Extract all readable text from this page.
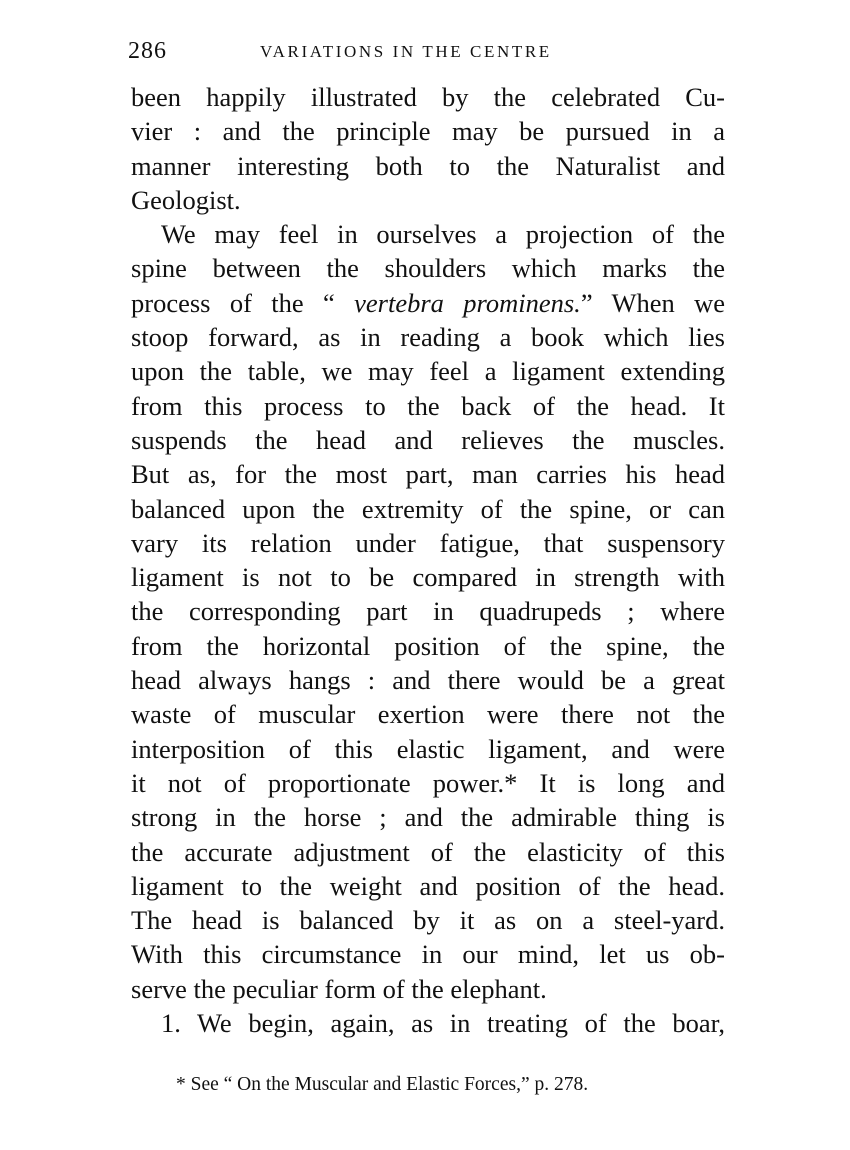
286	VARIATIONS IN THE CENTRE
been happily illustrated by the celebrated Cu-
vier : and the principle may be pursued in a
manner interesting both to the Naturalist and
Geologist.
We may feel in ourselves a projection of the
spine between the shoulders which marks the
process of the “ vertebra prominens.” When we
stoop forward, as in reading a book which lies
upon the table, we may feel a ligament extending
from this process to the back of the head. It
suspends the head and relieves the muscles.
But as, for the most part, man carries his head
balanced upon the extremity of the spine, or can
vary its relation under fatigue, that suspensory
ligament is not to be compared in strength with
the corresponding part in quadrupeds ; where
from the horizontal position of the spine, the
head always hangs : and there would be a great
waste of muscular exertion were there not the
interposition of this elastic ligament, and were
it not of proportionate power.* It is long and
strong in the horse ; and the admirable thing is
the accurate adjustment of the elasticity of this
ligament to the weight and position of the head.
The head is balanced by it as on a steel-yard.
With this circumstance in our mind, let us ob-
serve the peculiar form of the elephant.
1. We begin, again, as in treating of the boar,
* See “ On the Muscular and Elastic Forces,” p. 278.
